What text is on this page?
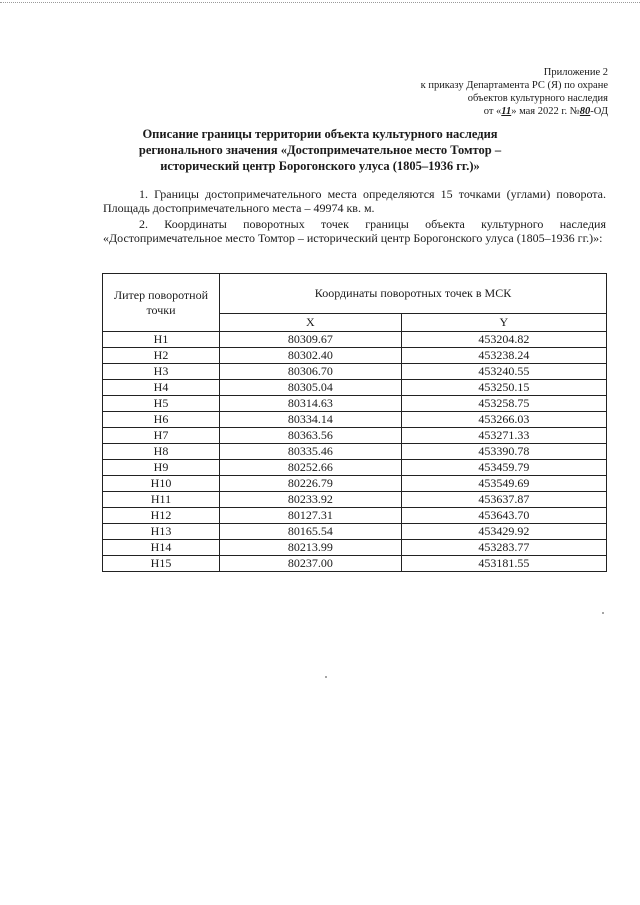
Приложение 2
к приказу Департамента РС (Я) по охране
объектов культурного наследия
от «11» мая 2022 г. №80-ОД
Описание границы территории объекта культурного наследия регионального значения «Достопримечательное место Томтор – исторический центр Борогонского улуса (1805–1936 гг.)»
1. Границы достопримечательного места определяются 15 точками (углами) поворота. Площадь достопримечательного места – 49974 кв. м.
2. Координаты поворотных точек границы объекта культурного наследия «Достопримечательное место Томтор – исторический центр Борогонского улуса (1805–1936 гг.)»:
Литер поворотной точки	Координаты поворотных точек в МСК	
	X	Y
Н1	80309.67	453204.82
Н2	80302.40	453238.24
Н3	80306.70	453240.55
Н4	80305.04	453250.15
Н5	80314.63	453258.75
Н6	80334.14	453266.03
Н7	80363.56	453271.33
Н8	80335.46	453390.78
Н9	80252.66	453459.79
Н10	80226.79	453549.69
Н11	80233.92	453637.87
Н12	80127.31	453643.70
Н13	80165.54	453429.92
Н14	80213.99	453283.77
Н15	80237.00	453181.55
